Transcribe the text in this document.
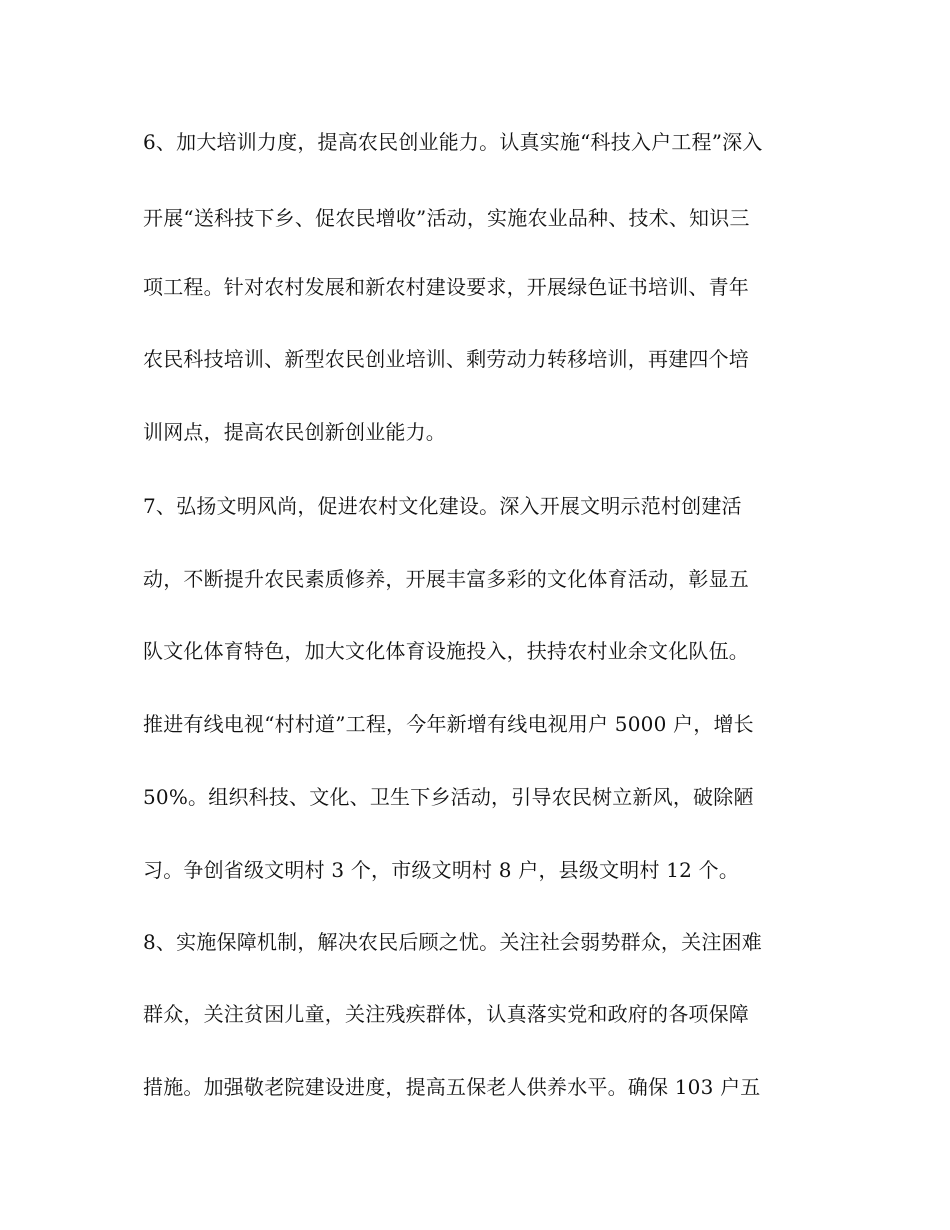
6、加大培训力度，提高农民创业能力。认真实施“科技入户工程”深入
开展“送科技下乡、促农民增收”活动，实施农业品种、技术、知识三
项工程。针对农村发展和新农村建设要求，开展绿色证书培训、青年
农民科技培训、新型农民创业培训、剩劳动力转移培训，再建四个培
训网点，提高农民创新创业能力。
7、弘扬文明风尚，促进农村文化建设。深入开展文明示范村创建活
动，不断提升农民素质修养，开展丰富多彩的文化体育活动，彰显五
队文化体育特色，加大文化体育设施投入，扶持农村业余文化队伍。
推进有线电视“村村道”工程，今年新增有线电视用户 5000 户，增长
50%。组织科技、文化、卫生下乡活动，引导农民树立新风，破除陋
习。争创省级文明村 3 个，市级文明村 8 户，县级文明村 12 个。
8、实施保障机制，解决农民后顾之忧。关注社会弱势群众，关注困难
群众，关注贫困儿童，关注残疾群体，认真落实党和政府的各项保障
措施。加强敬老院建设进度，提高五保老人供养水平。确保 103 户五
